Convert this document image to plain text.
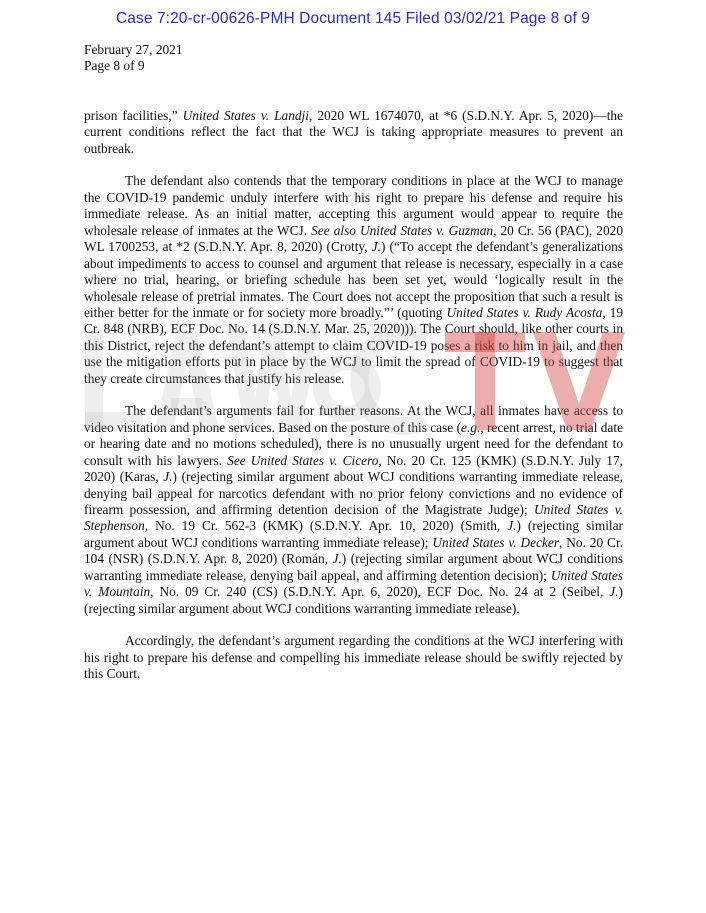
Case 7:20-cr-00626-PMH Document 145 Filed 03/02/21 Page 8 of 9
February 27, 2021
Page 8 of 9

prison facilities,” United States v. Landji, 2020 WL 1674070, at *6 (S.D.N.Y. Apr. 5, 2020)—the current conditions reflect the fact that the WCJ is taking appropriate measures to prevent an outbreak.

The defendant also contends that the temporary conditions in place at the WCJ to manage the COVID-19 pandemic unduly interfere with his right to prepare his defense and require his immediate release. As an initial matter, accepting this argument would appear to require the wholesale release of inmates at the WCJ. See also United States v. Guzman, 20 Cr. 56 (PAC), 2020 WL 1700253, at *2 (S.D.N.Y. Apr. 8, 2020) (Crotty, J.) (“To accept the defendant’s generalizations about impediments to access to counsel and argument that release is necessary, especially in a case where no trial, hearing, or briefing schedule has been set yet, would ‘logically result in the wholesale release of pretrial inmates. The Court does not accept the proposition that such a result is either better for the inmate or for society more broadly.”’ (quoting United States v. Rudy Acosta, 19 Cr. 848 (NRB), ECF Doc. No. 14 (S.D.N.Y. Mar. 25, 2020))). The Court should, like other courts in this District, reject the defendant’s attempt to claim COVID-19 poses a risk to him in jail, and then use the mitigation efforts put in place by the WCJ to limit the spread of COVID-19 to suggest that they create circumstances that justify his release.

The defendant’s arguments fail for further reasons. At the WCJ, all inmates have access to video visitation and phone services. Based on the posture of this case (e.g., recent arrest, no trial date or hearing date and no motions scheduled), there is no unusually urgent need for the defendant to consult with his lawyers. See United States v. Cicero, No. 20 Cr. 125 (KMK) (S.D.N.Y. July 17, 2020) (Karas, J.) (rejecting similar argument about WCJ conditions warranting immediate release, denying bail appeal for narcotics defendant with no prior felony convictions and no evidence of firearm possession, and affirming detention decision of the Magistrate Judge); United States v. Stephenson, No. 19 Cr. 562-3 (KMK) (S.D.N.Y. Apr. 10, 2020) (Smith, J.) (rejecting similar argument about WCJ conditions warranting immediate release); United States v. Decker, No. 20 Cr. 104 (NSR) (S.D.N.Y. Apr. 8, 2020) (Román, J.) (rejecting similar argument about WCJ conditions warranting immediate release, denying bail appeal, and affirming detention decision); United States v. Mountain, No. 09 Cr. 240 (CS) (S.D.N.Y. Apr. 6, 2020), ECF Doc. No. 24 at 2 (Seibel, J.) (rejecting similar argument about WCJ conditions warranting immediate release).

Accordingly, the defendant’s argument regarding the conditions at the WCJ interfering with his right to prepare his defense and compelling his immediate release should be swiftly rejected by this Court.
